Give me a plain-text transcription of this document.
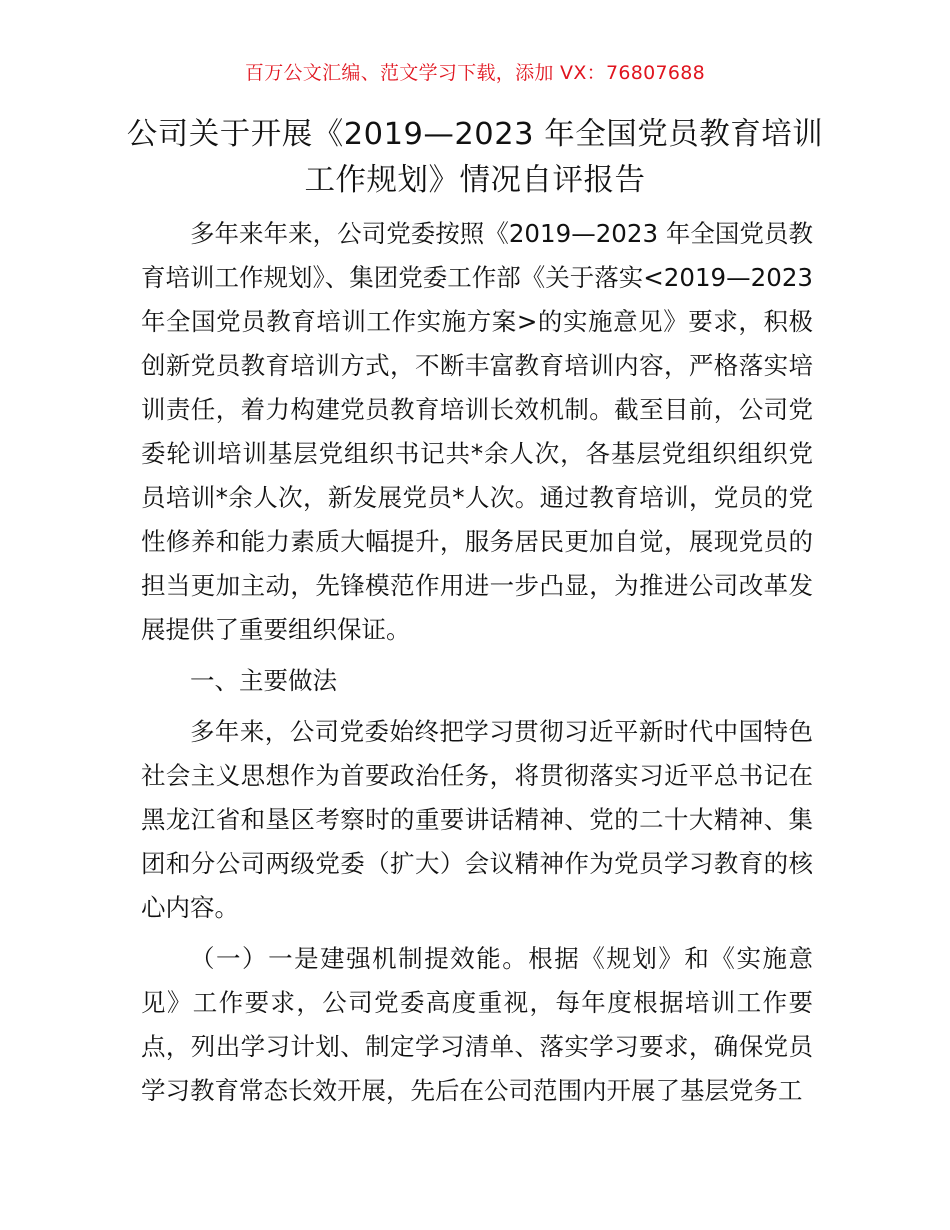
百万公文汇编、范文学习下载，添加 VX：76807688
公司关于开展《2019—2023 年全国党员教育培训工作规划》情况自评报告

多年来年来，公司党委按照《2019—2023 年全国党员教育培训工作规划》、集团党委工作部《关于落实<2019—2023 年全国党员教育培训工作实施方案>的实施意见》要求，积极创新党员教育培训方式，不断丰富教育培训内容，严格落实培训责任，着力构建党员教育培训长效机制。截至目前，公司党委轮训培训基层党组织书记共*余人次，各基层党组织组织党员培训*余人次，新发展党员*人次。通过教育培训，党员的党性修养和能力素质大幅提升，服务居民更加自觉，展现党员的担当更加主动，先锋模范作用进一步凸显，为推进公司改革发展提供了重要组织保证。

一、主要做法

多年来，公司党委始终把学习贯彻习近平新时代中国特色社会主义思想作为首要政治任务，将贯彻落实习近平总书记在黑龙江省和垦区考察时的重要讲话精神、党的二十大精神、集团和分公司两级党委（扩大）会议精神作为党员学习教育的核心内容。

（一）一是建强机制提效能。根据《规划》和《实施意见》工作要求，公司党委高度重视，每年度根据培训工作要点，列出学习计划、制定学习清单、落实学习要求，确保党员学习教育常态长效开展，先后在公司范围内开展了基层党务工
